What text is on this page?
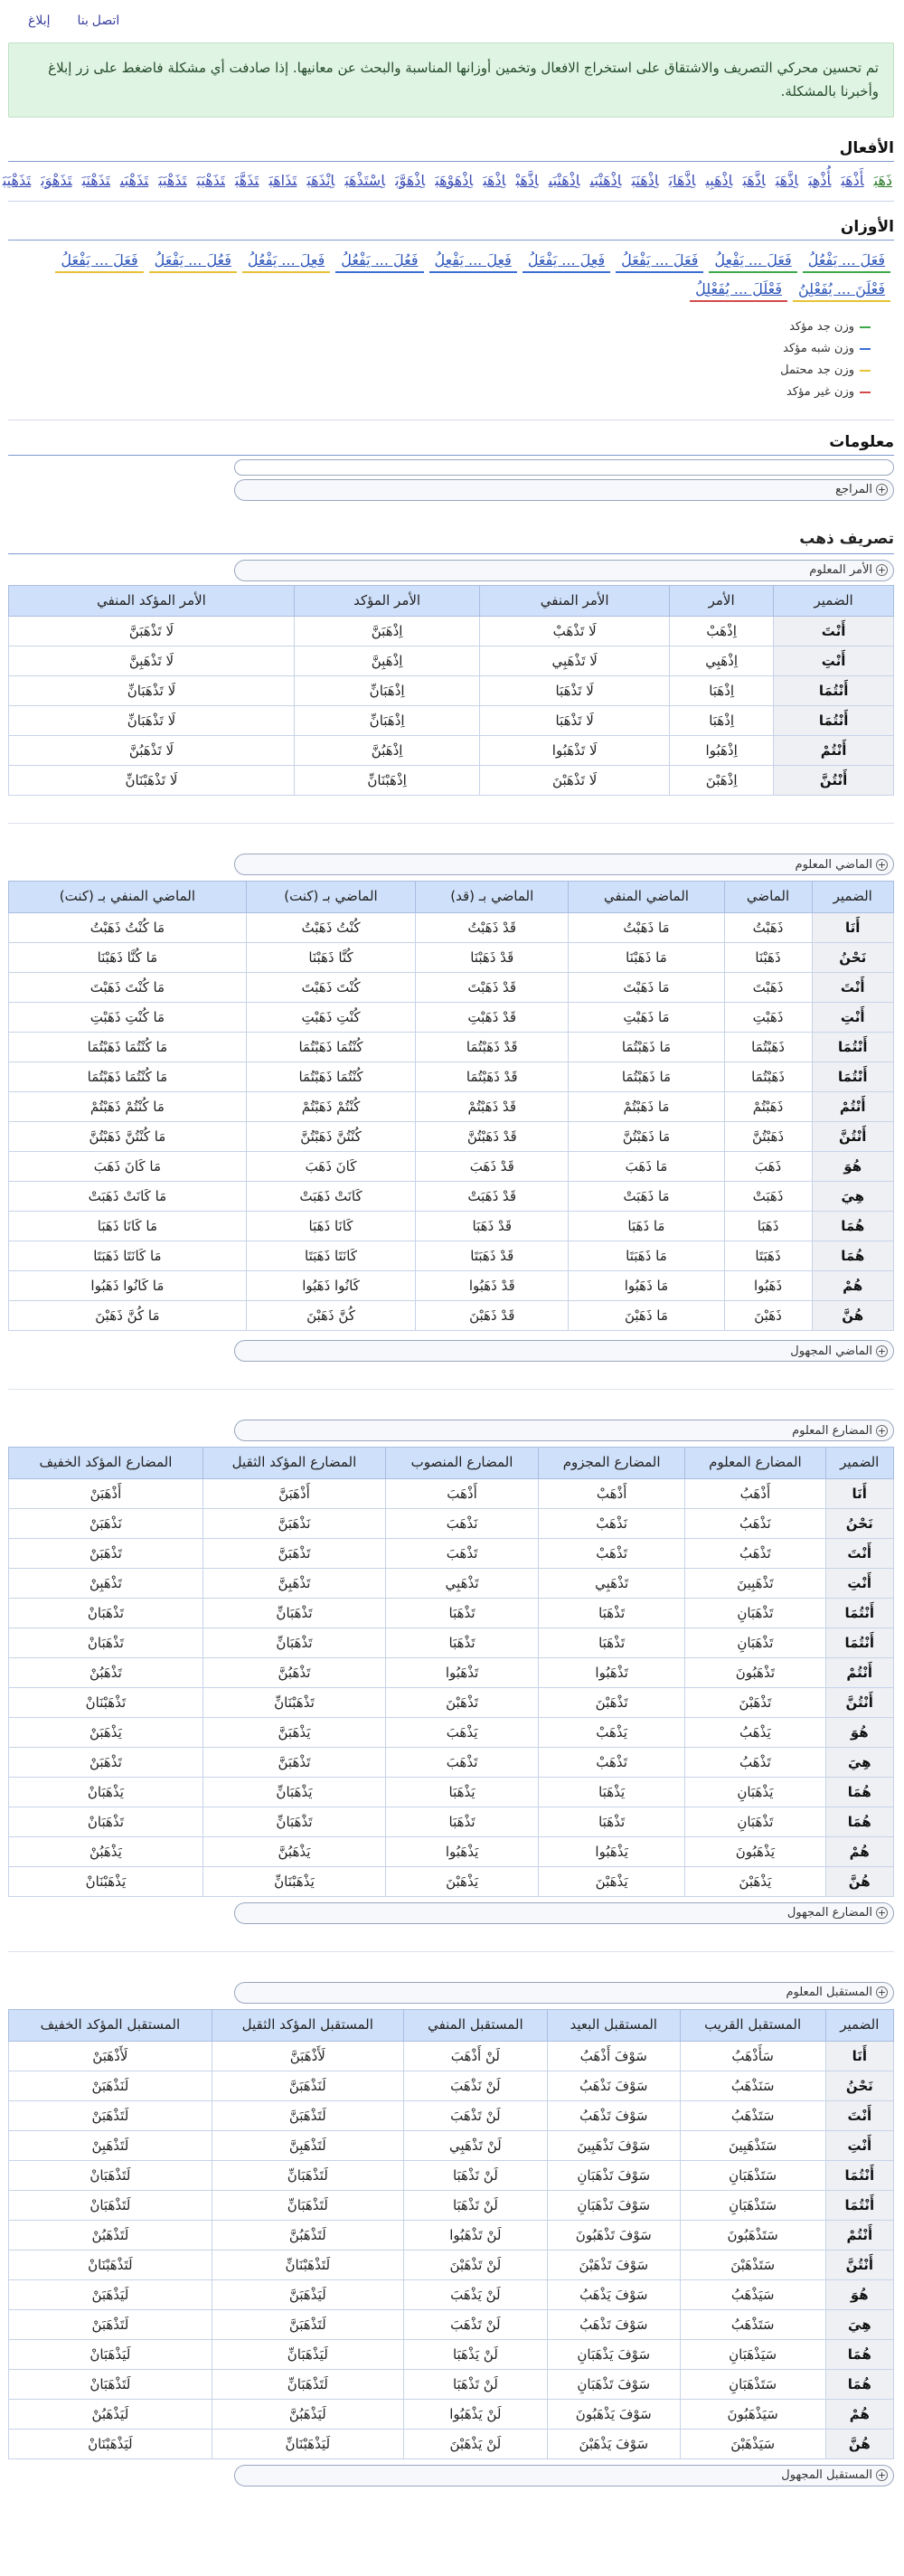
إبلاغ اتصل بنا
تم تحسين محركي التصريف والاشتقاق على استخراج الافعال وتخمين أوزانها المناسبة والبحث عن معانيها. إذا صادفت أي مشكلة فاضغط على زر إبلاغ وأخبرنا بالمشكلة.
الأفعال
ذَهَبَأَذْهَبَأُذْهِبَاِذَّهَبَاِذَّهَبَاِذْهَبِياِذَّهَابَاِذْهَنَبَاِذْهَنْبَىاِذْهَنْبَىاِذَّهَبْاِذْهَبَاِذْهَوْهَبَاِذْهَوَّبَاِسْتَذْهَبَاِنْذَهَبَتَذَاهَبَتَذَهَّبَتَذَهْبَبَتَذَهْبَبَتَذَهْبَىتَذَهْنَبَتَذَهْوَبَتَذَهْيَبَ
الأوزان
فَعَلَ ... يَفْعُلُ
فَعَلَ ... يَفْعِلُ
فَعَلَ ... يَفْعَلُ
فَعِلَ ... يَفْعَلُ
فَعِلَ ... يَفْعِلُ
فَعُلَ ... يَفْعُلُ
فَعِلَ ... يَفْعُلُ
فَعُلَ ... يَفْعَلُ
فَعَلَ ... يَفْعَلُ
فَعْلَنَ ... يُفَعْلِنُ
فَعْلَلَ ... يُفَعْلِلُ
وزن جد مؤكد
وزن شبه مؤكد
وزن جد محتمل
وزن غير مؤكد
معلومات
+
المراجع
تصريف ذهب
+
الأمر المعلوم
الضمير	الأمر	الأمر المنفي	الأمر المؤكد	الأمر المؤكد المنفي
أَنْتَ	اِذْهَبْ	لَا تَذْهَبْ	اِذْهَبَنَّ	لَا تَذْهَبَنَّ
أَنْتِ	اِذْهَبِي	لَا تَذْهَبِي	اِذْهَبِنَّ	لَا تَذْهَبِنَّ
أَنْتُمَا	اِذْهَبَا	لَا تَذْهَبَا	اِذْهَبَانِّ	لَا تَذْهَبَانِّ
أَنْتُمَا	اِذْهَبَا	لَا تَذْهَبَا	اِذْهَبَانِّ	لَا تَذْهَبَانِّ
أَنْتُمْ	اِذْهَبُوا	لَا تَذْهَبُوا	اِذْهَبُنَّ	لَا تَذْهَبُنَّ
أَنْتُنَّ	اِذْهَبْنَ	لَا تَذْهَبْنَ	اِذْهَبْنَانِّ	لَا تَذْهَبْنَانِّ
+
الماضي المعلوم
الضمير	الماضي	الماضي المنفي	الماضي بـ (قد)	الماضي بـ (كنت)	الماضي المنفي بـ (كنت)
أَنَا	ذَهَبْتُ	مَا ذَهَبْتُ	قَدْ ذَهَبْتُ	كُنْتُ ذَهَبْتُ	مَا كُنْتُ ذَهَبْتُ
نَحْنُ	ذَهَبْنَا	مَا ذَهَبْنَا	قَدْ ذَهَبْنَا	كُنَّا ذَهَبْنَا	مَا كُنَّا ذَهَبْنَا
أَنْتَ	ذَهَبْتَ	مَا ذَهَبْتَ	قَدْ ذَهَبْتَ	كُنْتَ ذَهَبْتَ	مَا كُنْتَ ذَهَبْتَ
أَنْتِ	ذَهَبْتِ	مَا ذَهَبْتِ	قَدْ ذَهَبْتِ	كُنْتِ ذَهَبْتِ	مَا كُنْتِ ذَهَبْتِ
أَنْتُمَا	ذَهَبْتُمَا	مَا ذَهَبْتُمَا	قَدْ ذَهَبْتُمَا	كُنْتُمَا ذَهَبْتُمَا	مَا كُنْتُمَا ذَهَبْتُمَا
أَنْتُمَا	ذَهَبْتُمَا	مَا ذَهَبْتُمَا	قَدْ ذَهَبْتُمَا	كُنْتُمَا ذَهَبْتُمَا	مَا كُنْتُمَا ذَهَبْتُمَا
أَنْتُمْ	ذَهَبْتُمْ	مَا ذَهَبْتُمْ	قَدْ ذَهَبْتُمْ	كُنْتُمْ ذَهَبْتُمْ	مَا كُنْتُمْ ذَهَبْتُمْ
أَنْتُنَّ	ذَهَبْتُنَّ	مَا ذَهَبْتُنَّ	قَدْ ذَهَبْتُنَّ	كُنْتُنَّ ذَهَبْتُنَّ	مَا كُنْتُنَّ ذَهَبْتُنَّ
هُوَ	ذَهَبَ	مَا ذَهَبَ	قَدْ ذَهَبَ	كَانَ ذَهَبَ	مَا كَانَ ذَهَبَ
هِيَ	ذَهَبَتْ	مَا ذَهَبَتْ	قَدْ ذَهَبَتْ	كَانَتْ ذَهَبَتْ	مَا كَانَتْ ذَهَبَتْ
هُمَا	ذَهَبَا	مَا ذَهَبَا	قَدْ ذَهَبَا	كَانَا ذَهَبَا	مَا كَانَا ذَهَبَا
هُمَا	ذَهَبَتَا	مَا ذَهَبَتَا	قَدْ ذَهَبَتَا	كَانَتَا ذَهَبَتَا	مَا كَانَتَا ذَهَبَتَا
هُمْ	ذَهَبُوا	مَا ذَهَبُوا	قَدْ ذَهَبُوا	كَانُوا ذَهَبُوا	مَا كَانُوا ذَهَبُوا
هُنَّ	ذَهَبْنَ	مَا ذَهَبْنَ	قَدْ ذَهَبْنَ	كُنَّ ذَهَبْنَ	مَا كُنَّ ذَهَبْنَ
+
الماضي المجهول
+
المضارع المعلوم
الضمير	المضارع المعلوم	المضارع المجزوم	المضارع المنصوب	المضارع المؤكد الثقيل	المضارع المؤكد الخفيف
أَنَا	أَذْهَبُ	أَذْهَبْ	أَذْهَبَ	أَذْهَبَنَّ	أَذْهَبَنْ
نَحْنُ	نَذْهَبُ	نَذْهَبْ	نَذْهَبَ	نَذْهَبَنَّ	نَذْهَبَنْ
أَنْتَ	تَذْهَبُ	تَذْهَبْ	تَذْهَبَ	تَذْهَبَنَّ	تَذْهَبَنْ
أَنْتِ	تَذْهَبِينَ	تَذْهَبِي	تَذْهَبِي	تَذْهَبِنَّ	تَذْهَبِنْ
أَنْتُمَا	تَذْهَبَانِ	تَذْهَبَا	تَذْهَبَا	تَذْهَبَانِّ	تَذْهَبَانْ
أَنْتُمَا	تَذْهَبَانِ	تَذْهَبَا	تَذْهَبَا	تَذْهَبَانِّ	تَذْهَبَانْ
أَنْتُمْ	تَذْهَبُونَ	تَذْهَبُوا	تَذْهَبُوا	تَذْهَبُنَّ	تَذْهَبُنْ
أَنْتُنَّ	تَذْهَبْنَ	تَذْهَبْنَ	تَذْهَبْنَ	تَذْهَبْنَانِّ	تَذْهَبْنَانْ
هُوَ	يَذْهَبُ	يَذْهَبْ	يَذْهَبَ	يَذْهَبَنَّ	يَذْهَبَنْ
هِيَ	تَذْهَبُ	تَذْهَبْ	تَذْهَبَ	تَذْهَبَنَّ	تَذْهَبَنْ
هُمَا	يَذْهَبَانِ	يَذْهَبَا	يَذْهَبَا	يَذْهَبَانِّ	يَذْهَبَانْ
هُمَا	تَذْهَبَانِ	تَذْهَبَا	تَذْهَبَا	تَذْهَبَانِّ	تَذْهَبَانْ
هُمْ	يَذْهَبُونَ	يَذْهَبُوا	يَذْهَبُوا	يَذْهَبُنَّ	يَذْهَبُنْ
هُنَّ	يَذْهَبْنَ	يَذْهَبْنَ	يَذْهَبْنَ	يَذْهَبْنَانِّ	يَذْهَبْنَانْ
+
المضارع المجهول
+
المستقبل المعلوم
الضمير	المستقبل القريب	المستقبل البعيد	المستقبل المنفي	المستقبل المؤكد الثقيل	المستقبل المؤكد الخفيف
أَنَا	سَأَذْهَبُ	سَوْفَ أَذْهَبُ	لَنْ أَذْهَبَ	لَأَذْهَبَنَّ	لَأَذْهَبَنْ
نَحْنُ	سَنَذْهَبُ	سَوْفَ نَذْهَبُ	لَنْ نَذْهَبَ	لَنَذْهَبَنَّ	لَنَذْهَبَنْ
أَنْتَ	سَتَذْهَبُ	سَوْفَ تَذْهَبُ	لَنْ تَذْهَبَ	لَتَذْهَبَنَّ	لَتَذْهَبَنْ
أَنْتِ	سَتَذْهَبِينَ	سَوْفَ تَذْهَبِينَ	لَنْ تَذْهَبِي	لَتَذْهَبِنَّ	لَتَذْهَبِنْ
أَنْتُمَا	سَتَذْهَبَانِ	سَوْفَ تَذْهَبَانِ	لَنْ تَذْهَبَا	لَتَذْهَبَانِّ	لَتَذْهَبَانْ
أَنْتُمَا	سَتَذْهَبَانِ	سَوْفَ تَذْهَبَانِ	لَنْ تَذْهَبَا	لَتَذْهَبَانِّ	لَتَذْهَبَانْ
أَنْتُمْ	سَتَذْهَبُونَ	سَوْفَ تَذْهَبُونَ	لَنْ تَذْهَبُوا	لَتَذْهَبُنَّ	لَتَذْهَبُنْ
أَنْتُنَّ	سَتَذْهَبْنَ	سَوْفَ تَذْهَبْنَ	لَنْ تَذْهَبْنَ	لَتَذْهَبْنَانِّ	لَتَذْهَبْنَانْ
هُوَ	سَيَذْهَبُ	سَوْفَ يَذْهَبُ	لَنْ يَذْهَبَ	لَيَذْهَبَنَّ	لَيَذْهَبَنْ
هِيَ	سَتَذْهَبُ	سَوْفَ تَذْهَبُ	لَنْ تَذْهَبَ	لَتَذْهَبَنَّ	لَتَذْهَبَنْ
هُمَا	سَيَذْهَبَانِ	سَوْفَ يَذْهَبَانِ	لَنْ يَذْهَبَا	لَيَذْهَبَانِّ	لَيَذْهَبَانْ
هُمَا	سَتَذْهَبَانِ	سَوْفَ تَذْهَبَانِ	لَنْ تَذْهَبَا	لَتَذْهَبَانِّ	لَتَذْهَبَانْ
هُمْ	سَيَذْهَبُونَ	سَوْفَ يَذْهَبُونَ	لَنْ يَذْهَبُوا	لَيَذْهَبُنَّ	لَيَذْهَبُنْ
هُنَّ	سَيَذْهَبْنَ	سَوْفَ يَذْهَبْنَ	لَنْ يَذْهَبْنَ	لَيَذْهَبْنَانِّ	لَيَذْهَبْنَانْ
+
المستقبل المجهول
